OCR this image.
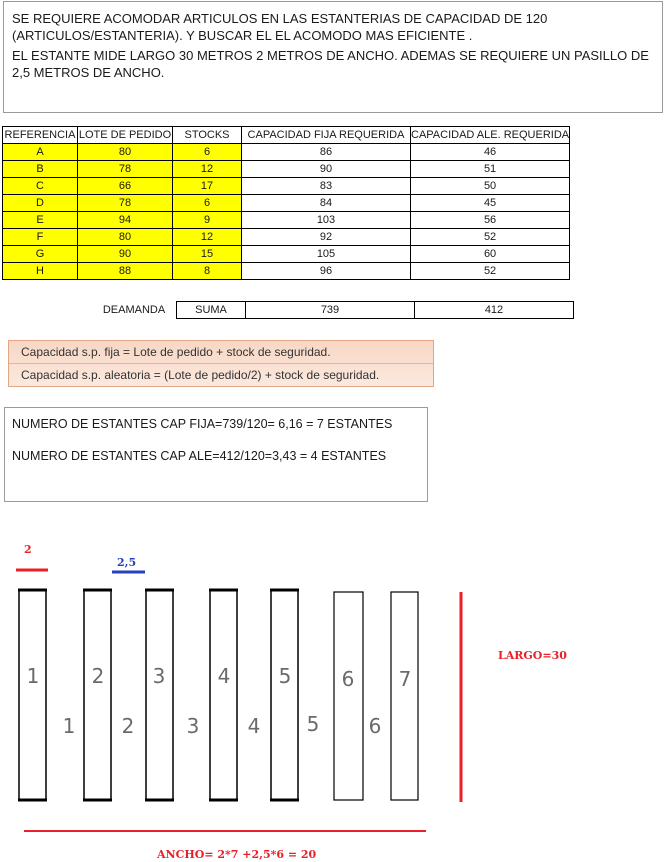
SE REQUIERE ACOMODAR ARTICULOS EN LAS ESTANTERIAS DE CAPACIDAD DE 120 (ARTICULOS/ESTANTERIA). Y BUSCAR EL EL ACOMODO MAS EFICIENTE .

EL ESTANTE MIDE LARGO 30 METROS 2 METROS DE ANCHO. ADEMAS SE REQUIERE UN PASILLO DE 2,5 METROS DE ANCHO.

REFERENCIA	LOTE DE PEDIDO	STOCKS	CAPACIDAD FIJA REQUERIDA	CAPACIDAD ALE. REQUERIDA
A	80	6	86	46
B	78	12	90	51
C	66	17	83	50
D	78	6	84	45
E	94	9	103	56
F	80	12	92	52
G	90	15	105	60
H	88	8	96	52
DEAMANDA	SUMA	739	412
Capacidad s.p. fija = Lote de pedido + stock de seguridad.
Capacidad s.p. aleatoria = (Lote de pedido/2) + stock de seguridad.

NUMERO DE ESTANTES CAP FIJA=739/120= 6,16 = 7 ESTANTES

NUMERO DE ESTANTES CAP ALE=412/120=3,43 = 4 ESTANTES

2
2,5
LARGO=30
ANCHO= 2*7 +2,5*6 = 20
1	2 3	4 5	6 7
1 2	3 4 5 6
